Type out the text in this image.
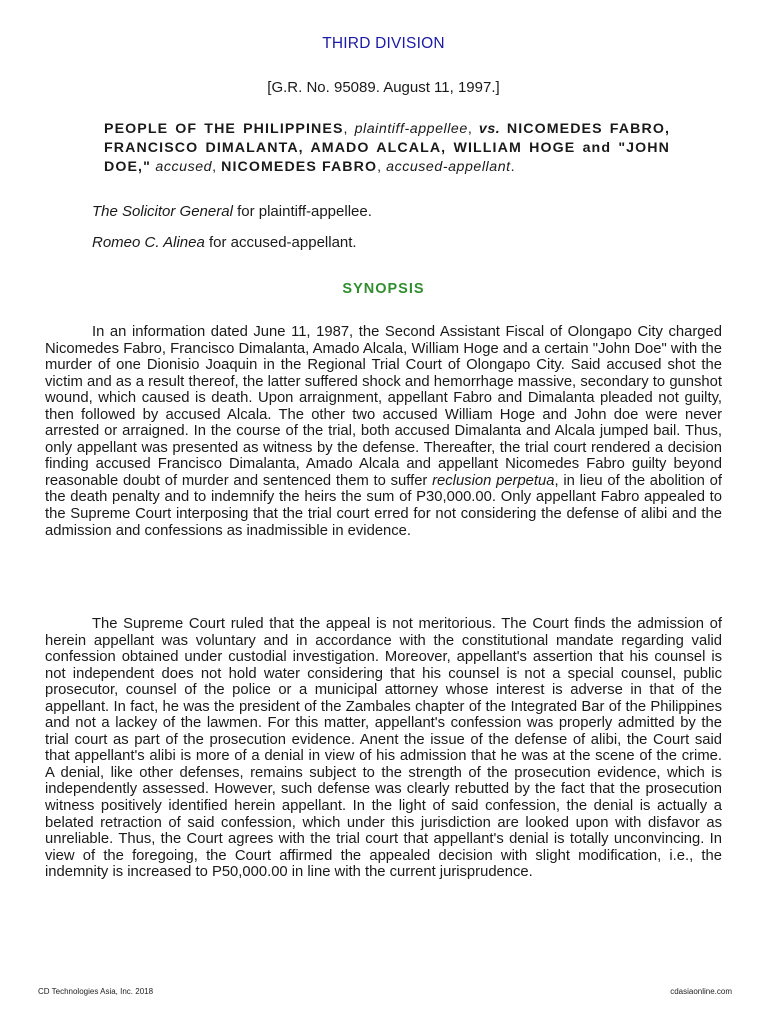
THIRD DIVISION
[G.R. No. 95089. August 11, 1997.]
PEOPLE OF THE PHILIPPINES, plaintiff-appellee, vs. NICOMEDES FABRO, FRANCISCO DIMALANTA, AMADO ALCALA, WILLIAM HOGE and "JOHN DOE," accused, NICOMEDES FABRO, accused-appellant.
The Solicitor General for plaintiff-appellee.
Romeo C. Alinea for accused-appellant.
SYNOPSIS
In an information dated June 11, 1987, the Second Assistant Fiscal of Olongapo City charged Nicomedes Fabro, Francisco Dimalanta, Amado Alcala, William Hoge and a certain "John Doe" with the murder of one Dionisio Joaquin in the Regional Trial Court of Olongapo City. Said accused shot the victim and as a result thereof, the latter suffered shock and hemorrhage massive, secondary to gunshot wound, which caused is death. Upon arraignment, appellant Fabro and Dimalanta pleaded not guilty, then followed by accused Alcala. The other two accused William Hoge and John doe were never arrested or arraigned. In the course of the trial, both accused Dimalanta and Alcala jumped bail. Thus, only appellant was presented as witness by the defense. Thereafter, the trial court rendered a decision finding accused Francisco Dimalanta, Amado Alcala and appellant Nicomedes Fabro guilty beyond reasonable doubt of murder and sentenced them to suffer reclusion perpetua, in lieu of the abolition of the death penalty and to indemnify the heirs the sum of P30,000.00. Only appellant Fabro appealed to the Supreme Court interposing that the trial court erred for not considering the defense of alibi and the admission and confessions as inadmissible in evidence.
The Supreme Court ruled that the appeal is not meritorious. The Court finds the admission of herein appellant was voluntary and in accordance with the constitutional mandate regarding valid confession obtained under custodial investigation. Moreover, appellant's assertion that his counsel is not independent does not hold water considering that his counsel is not a special counsel, public prosecutor, counsel of the police or a municipal attorney whose interest is adverse in that of the appellant. In fact, he was the president of the Zambales chapter of the Integrated Bar of the Philippines and not a lackey of the lawmen. For this matter, appellant's confession was properly admitted by the trial court as part of the prosecution evidence. Anent the issue of the defense of alibi, the Court said that appellant's alibi is more of a denial in view of his admission that he was at the scene of the crime. A denial, like other defenses, remains subject to the strength of the prosecution evidence, which is independently assessed. However, such defense was clearly rebutted by the fact that the prosecution witness positively identified herein appellant. In the light of said confession, the denial is actually a belated retraction of said confession, which under this jurisdiction are looked upon with disfavor as unreliable. Thus, the Court agrees with the trial court that appellant's denial is totally unconvincing. In view of the foregoing, the Court affirmed the appealed decision with slight modification, i.e., the indemnity is increased to P50,000.00 in line with the current jurisprudence.
CD Technologies Asia, Inc. 2018	cdasiaonline.com
